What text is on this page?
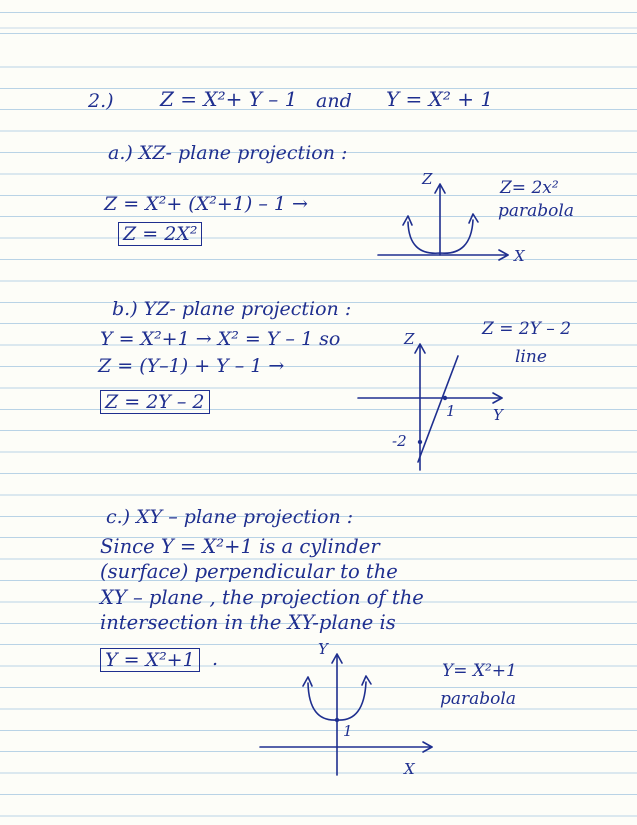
2.) Z = X²+ Y – 1 and Y = X² + 1
a.) XZ- plane projection :
Z = X²+ (X²+1) – 1 →
Z = 2X²
Z
X
Z= 2x²
parabola
b.) YZ- plane projection :
Y = X²+1 → X² = Y – 1 so
Z = (Y–1) + Y – 1 →
Z = 2Y – 2
Z
Y
1
-2
Z = 2Y – 2
line
c.) XY – plane projection :
Since Y = X²+1 is a cylinder
(surface) perpendicular to the
XY – plane , the projection of the
intersection in the XY-plane is
Y = X²+1 .	Y
X
1
Y= X²+1
parabola
